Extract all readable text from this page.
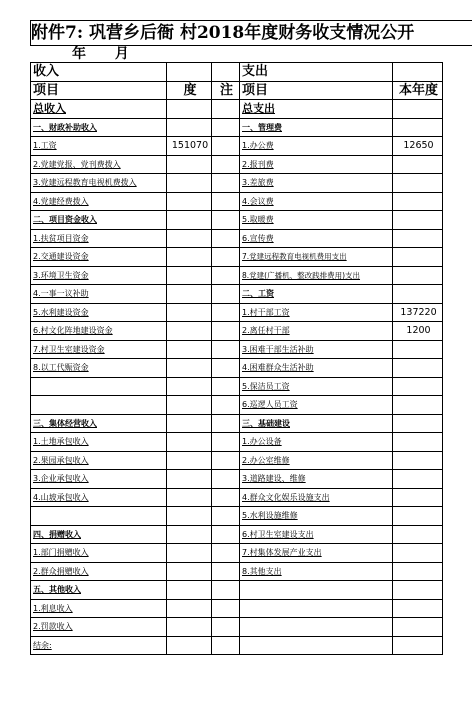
附件7: 巩营乡后衙 村2018年度财务收支情况公开
年 月
收入			支出	
项目	度	注	项目	本年度
总收入			总支出	
一、财政补助收入			一、管理费	
1.工资	151070		1.办公费	12650
2.党建党报、党刊费拨入			2.报刊费	
3.党建远程教育电视机费拨入			3.差旅费	
4.党建经费拨入			4.会议费	
二、项目资金收入			5.取暖费	
1.扶贫项目资金			6.宣传费	
2.交通建设资金			7.党建远程教育电视机费用支出	

3.环境卫生资金			8.党建(广播机、整改践排费用)支出	

4.一事一议补助			二、工资	
5.水利建设资金			1.村干部工资	137220
6.村文化阵地建设资金			2.离任村干部	1200
7.村卫生室建设资金			3.困难干部生活补助	
8.以工代赈资金			4.困难群众生活补助	
			5.保洁员工资	
			6.巡逻人员工资	
三、集体经营收入			三、基础建设	
1.土地承包收入			1.办公设备	
2.果园承包收入			2.办公室维修	
3.企业承包收入			3.道路建设、维修	
4.山坡承包收入			4.群众文化娱乐设施支出	
			5.水利设施维修	
四、捐赠收入			6.村卫生室建设支出	
1.部门捐赠收入			7.村集体发展产业支出	
2.群众捐赠收入			8.其他支出	
五、其他收入				
1.利息收入				
2.罚款收入				
结余:				
